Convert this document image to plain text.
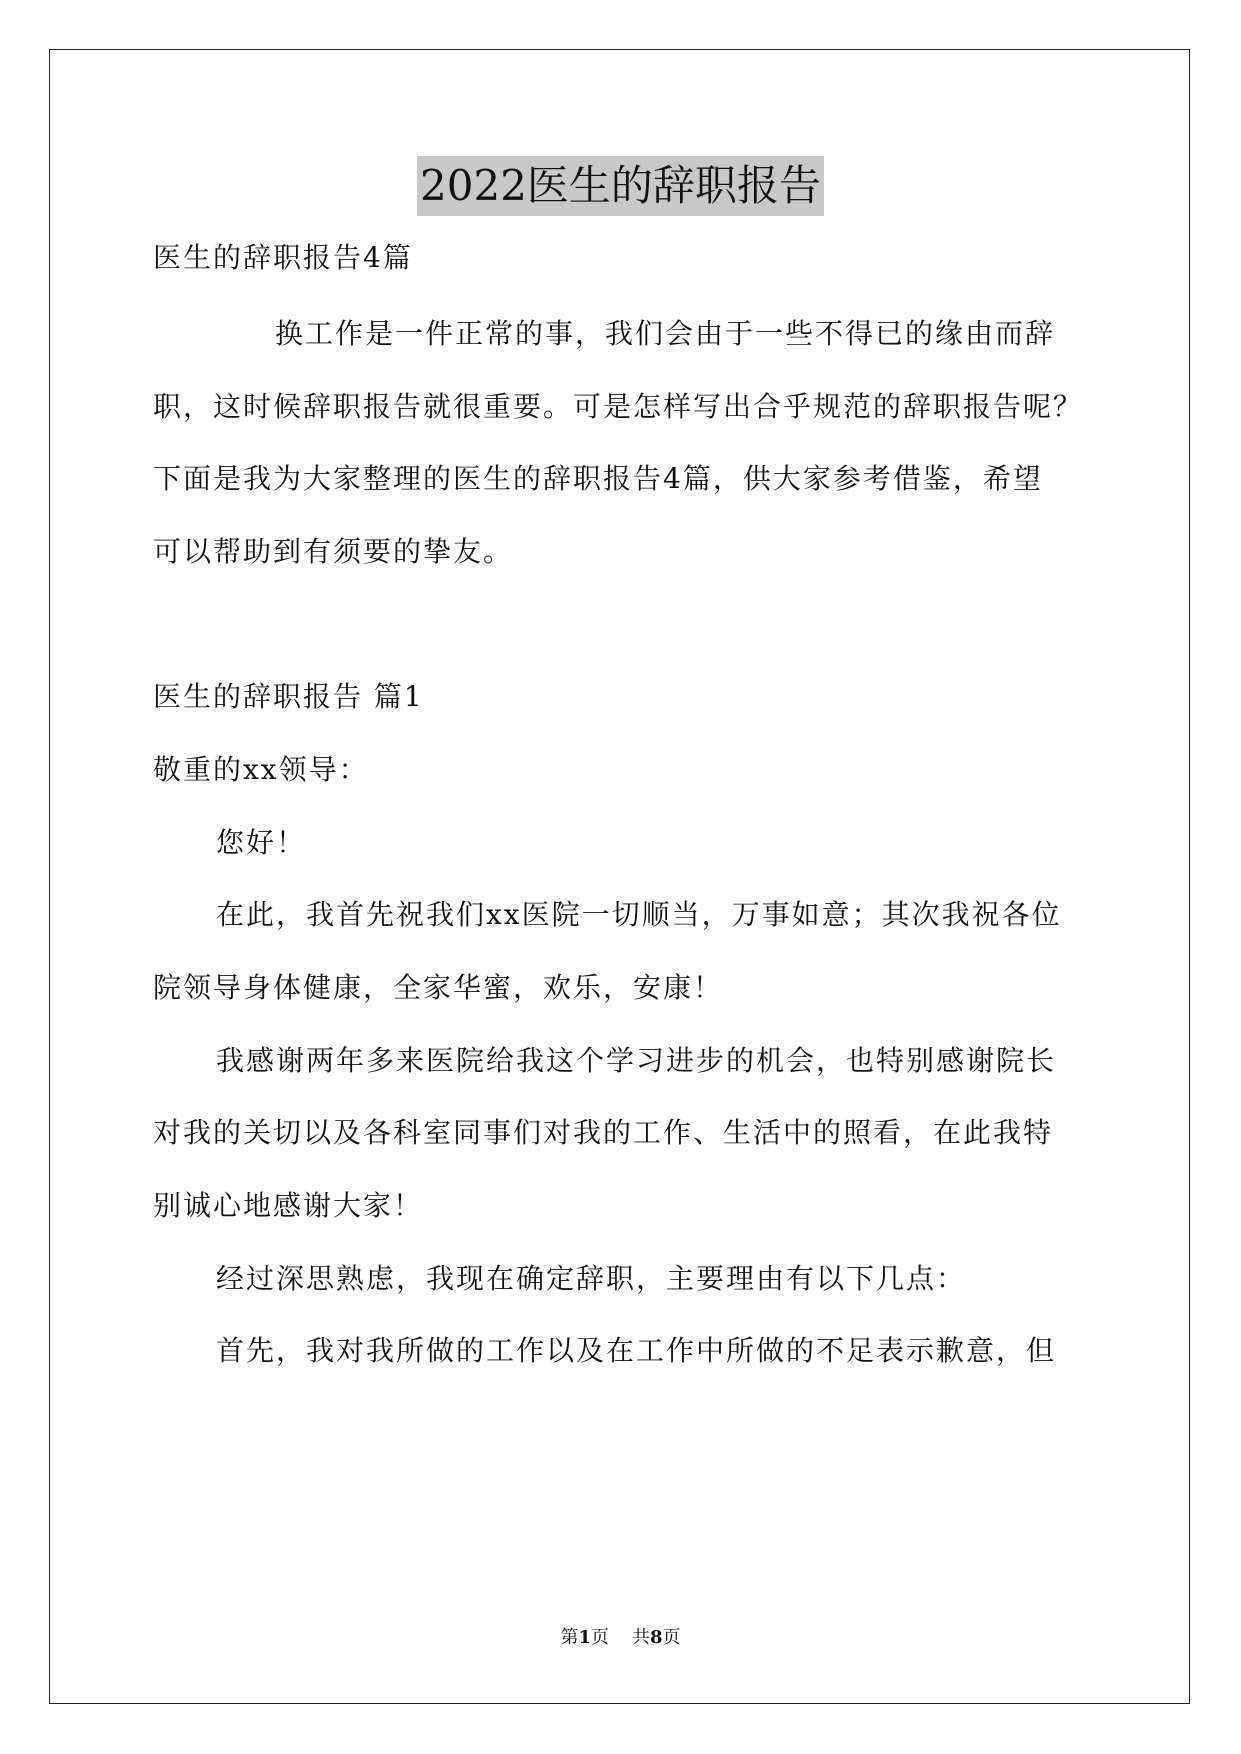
2022医生的辞职报告
医生的辞职报告4篇
换工作是一件正常的事，我们会由于一些不得已的缘由而辞
职，这时候辞职报告就很重要。可是怎样写出合乎规范的辞职报告呢？
下面是我为大家整理的医生的辞职报告4篇，供大家参考借鉴，希望
可以帮助到有须要的挚友。
医生的辞职报告 篇1
敬重的xx领导：
您好！
在此，我首先祝我们xx医院一切顺当，万事如意；其次我祝各位
院领导身体健康，全家华蜜，欢乐，安康！
我感谢两年多来医院给我这个学习进步的机会，也特别感谢院长
对我的关切以及各科室同事们对我的工作、生活中的照看，在此我特
别诚心地感谢大家！
经过深思熟虑，我现在确定辞职，主要理由有以下几点：
首先，我对我所做的工作以及在工作中所做的不足表示歉意，但
第1页 共8页
